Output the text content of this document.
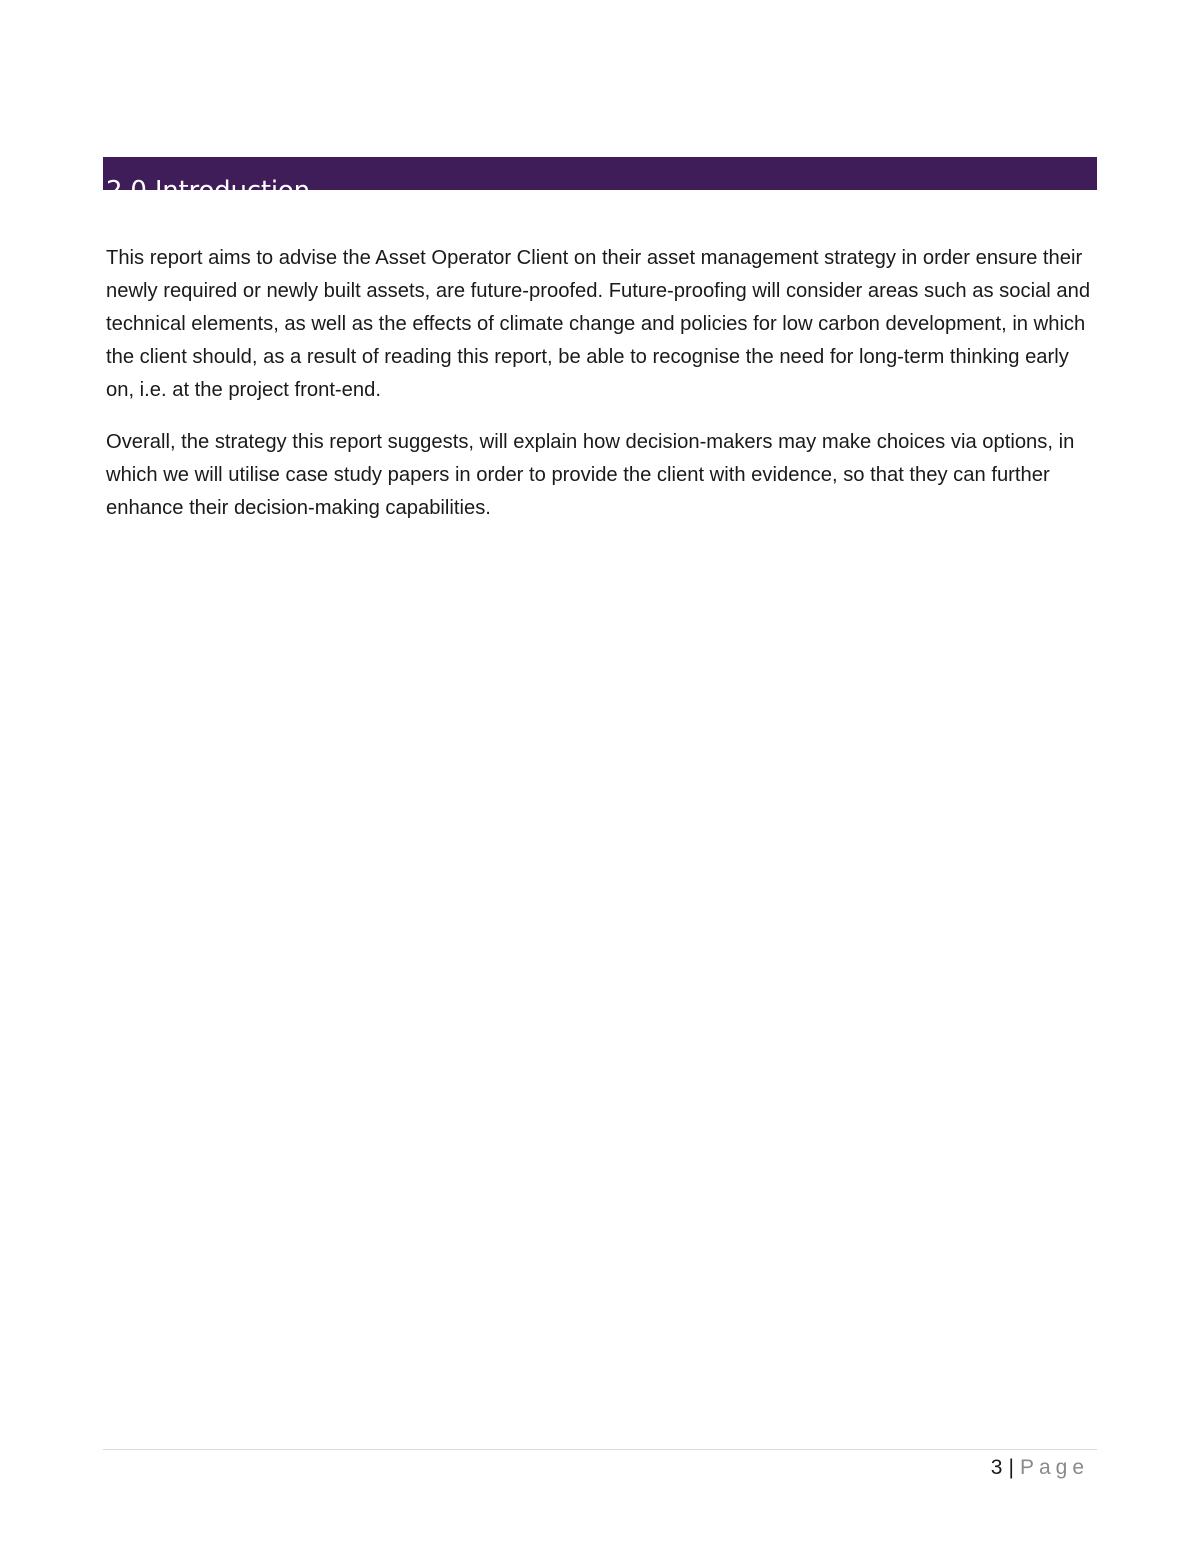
2.0 Introduction

This report aims to advise the Asset Operator Client on their asset management strategy in order ensure their newly required or newly built assets, are future-proofed. Future-proofing will consider areas such as social and technical elements, as well as the effects of climate change and policies for low carbon development, in which the client should, as a result of reading this report, be able to recognise the need for long-term thinking early on, i.e. at the project front-end.

Overall, the strategy this report suggests, will explain how decision-makers may make choices via options, in which we will utilise case study papers in order to provide the client with evidence, so that they can further enhance their decision-making capabilities.

3 | Page
